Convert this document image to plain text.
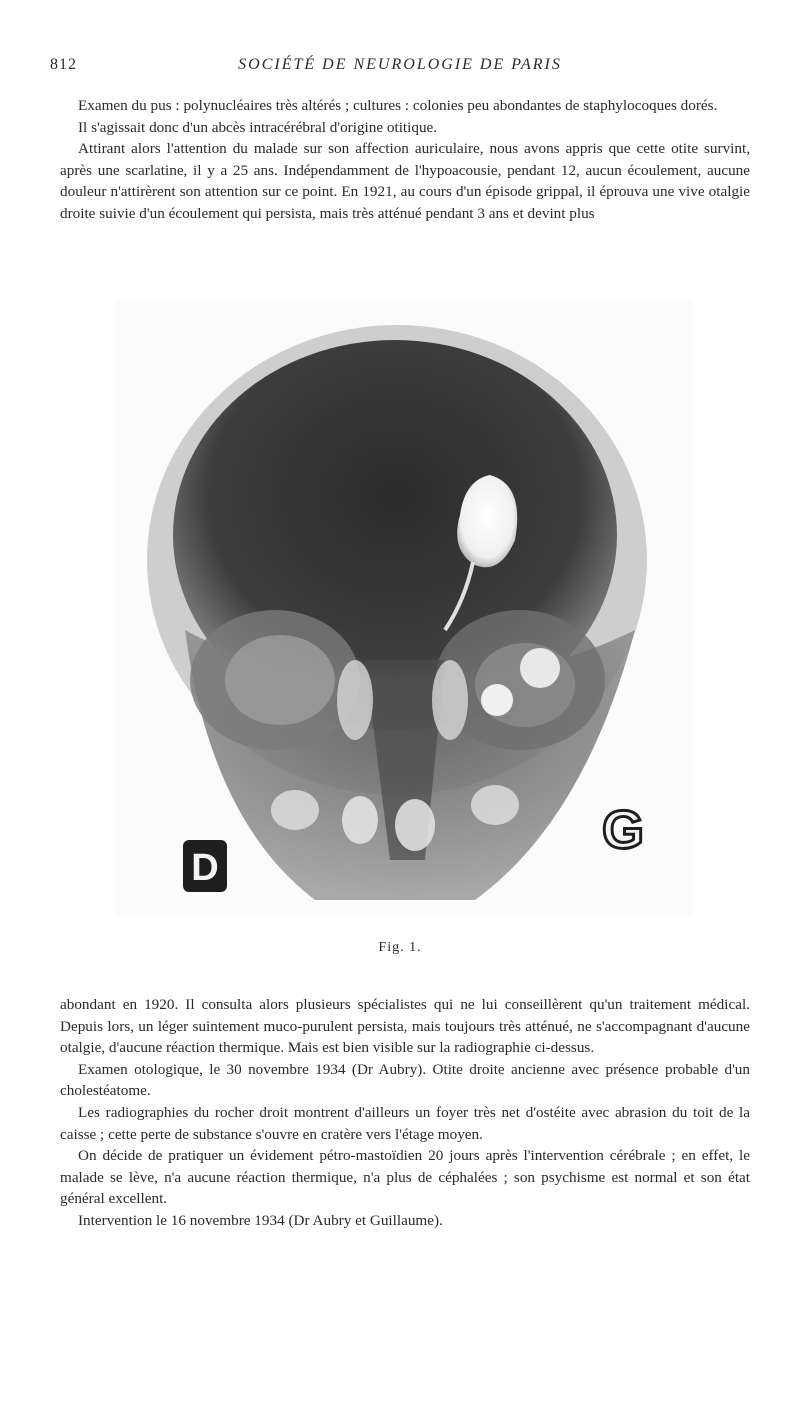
812	SOCIÉTÉ DE NEUROLOGIE DE PARIS

Examen du pus : polynucléaires très altérés ; cultures : colonies peu abondantes de staphylocoques dorés.

Il s'agissait donc d'un abcès intracérébral d'origine otitique.

Attirant alors l'attention du malade sur son affection auriculaire, nous avons appris que cette otite survint, après une scarlatine, il y a 25 ans. Indépendamment de l'hypoacousie, pendant 12, aucun écoulement, aucune douleur n'attirèrent son attention sur ce point. En 1921, au cours d'un épisode grippal, il éprouva une vive otalgie droite suivie d'un écoulement qui persista, mais très atténué pendant 3 ans et devint plus

D
G
Fig. 1.

abondant en 1920. Il consulta alors plusieurs spécialistes qui ne lui conseillèrent qu'un traitement médical. Depuis lors, un léger suintement muco-purulent persista, mais toujours très atténué, ne s'accompagnant d'aucune otalgie, d'aucune réaction thermique. Mais est bien visible sur la radiographie ci-dessus.

Examen otologique, le 30 novembre 1934 (Dr Aubry). Otite droite ancienne avec présence probable d'un cholestéatome.

Les radiographies du rocher droit montrent d'ailleurs un foyer très net d'ostéite avec abrasion du toit de la caisse ; cette perte de substance s'ouvre en cratère vers l'étage moyen.

On décide de pratiquer un évidement pétro-mastoïdien 20 jours après l'intervention cérébrale ; en effet, le malade se lève, n'a aucune réaction thermique, n'a plus de céphalées ; son psychisme est normal et son état général excellent.

Intervention le 16 novembre 1934 (Dr Aubry et Guillaume).
